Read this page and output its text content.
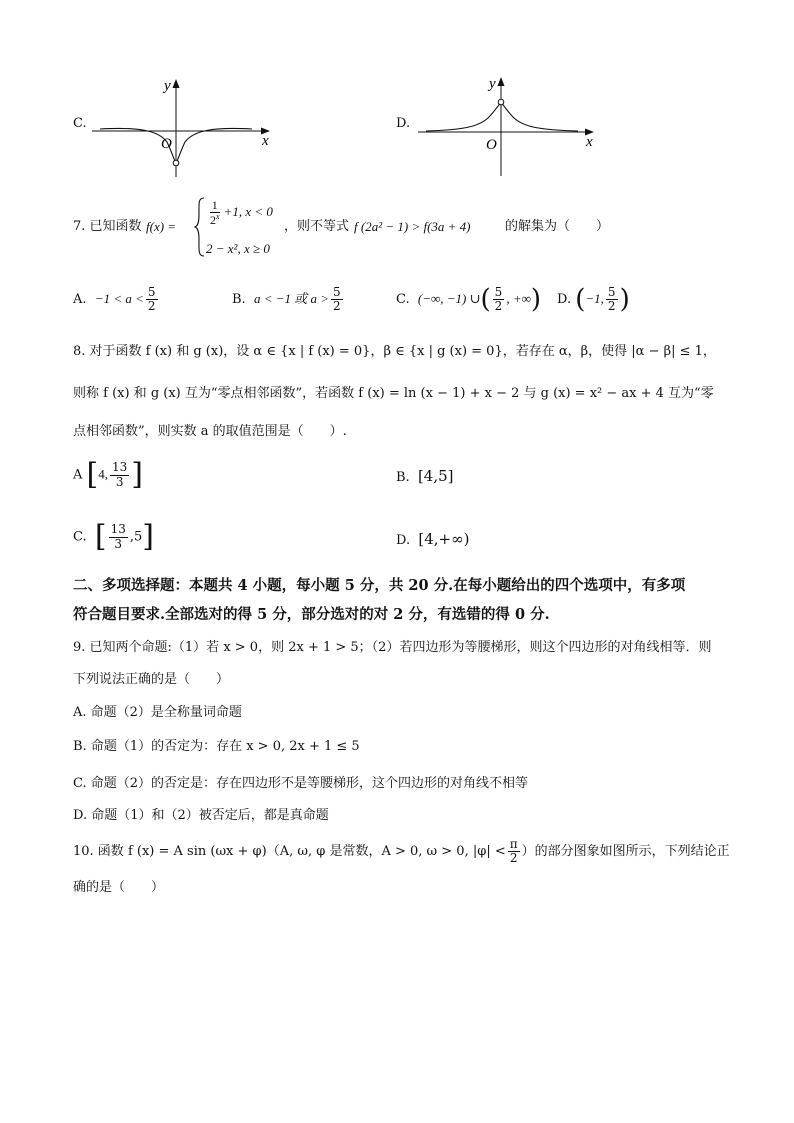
C.
x
y
O
D.
x
y
O
7. 已知函数 f(x) =	$\frac{1}{2^x} +1$, x < 0
2 − x², x ≥ 0
，则不等式 f (2a² − 1) > f(3a + 4)	的解集为（　　）
A. $-1 < a < \frac{5}{2}$	B. a < −1 或 $a > \frac{5}{2}$	C. (−∞, −1) ∪( $\frac{5}{2}$ , +∞) D. (−1, $\frac{5}{2}$ )
8. 对于函数 f (x) 和 g (x)，设 α ∈ {x | f (x) = 0}，β ∈ {x | g (x) = 0}，若存在 α，β，使得 |α − β| ≤ 1，
则称 f (x) 和 g (x) 互为“零点相邻函数”，若函数 f (x) = ln (x − 1) + x − 2 与 g (x) = x² − ax + 4 互为“零
点相邻函数”，则实数 a 的取值范围是（　　）.
A [4, $\frac{13}{3}$ ]	B. [4,5]
C. [ $\frac{13}{3} ,5$]	D. [4,+∞)
二、多项选择题：本题共 4 小题，每小题 5 分，共 20 分.在每小题给出的四个选项中，有多项
符合题目要求.全部选对的得 5 分，部分选对的对 2 分，有选错的得 0 分.
9. 已知两个命题:（1）若 x > 0，则 2x + 1 > 5；（2）若四边形为等腰梯形，则这个四边形的对角线相等．则
下列说法正确的是（　　）
A. 命题（2）是全称量词命题
B. 命题（1）的否定为：存在 x > 0, 2x + 1 ≤ 5
C. 命题（2）的否定是：存在四边形不是等腰梯形，这个四边形的对角线不相等
D. 命题（1）和（2）被否定后，都是真命题
10. 函数 f (x) = A sin (ωx + φ)（A, ω, φ 是常数，A > 0, ω > 0, $|\varphi| < \frac{\pi}{2}$ ）的部分图象如图所示，下列结论正
确的是（　　）
